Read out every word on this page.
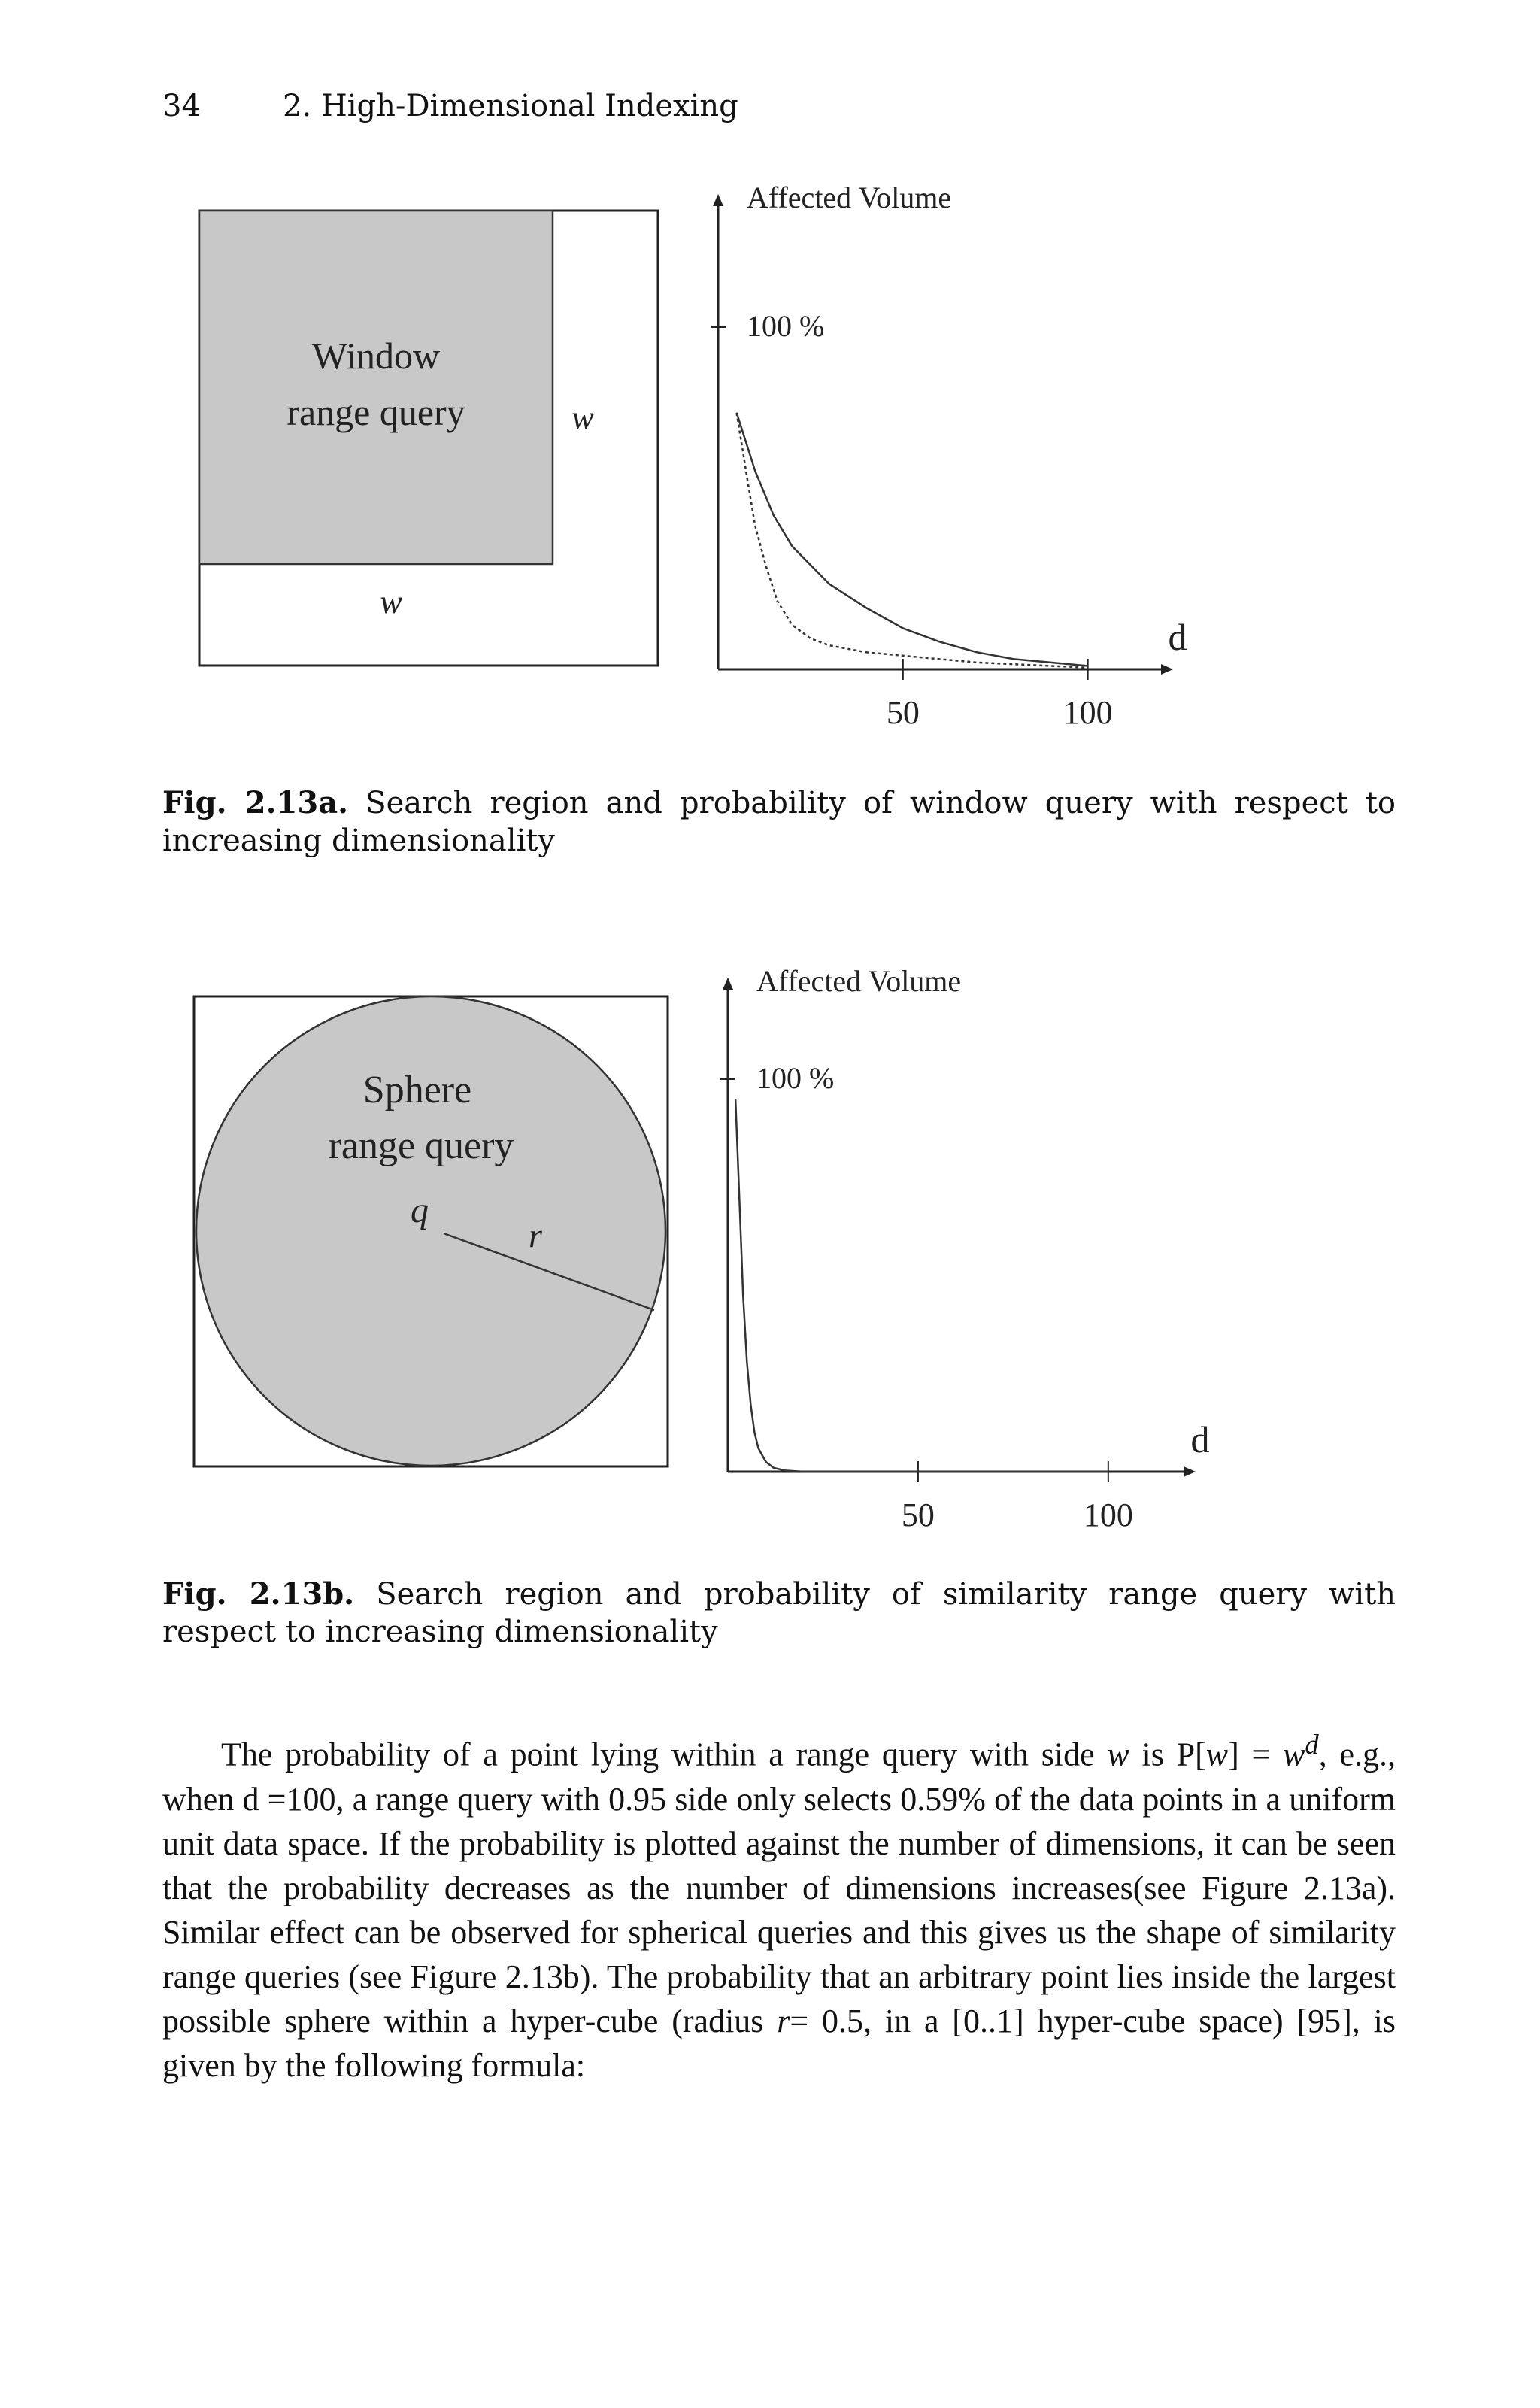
34	2. High-Dimensional Indexing
Window
range query	w
w
Affected Volume
100 %
50	100
d
Fig. 2.13a. Search region and probability of window query with respect to increasing dimensionality
Sphere
range query
q
r
Affected Volume
100 %
50	100
d
Fig. 2.13b. Search region and probability of similarity range query with respect to increasing dimensionality
The probability of a point lying within a range query with side w is $P[w] = w^d$, e.g., when d =100, a range query with 0.95 side only selects 0.59% of the data points in a uniform unit data space. If the probability is plotted against the number of dimensions, it can be seen that the probability decreases as the number of dimensions increases(see Figure 2.13a). Similar effect can be observed for spherical queries and this gives us the shape of similarity range queries (see Figure 2.13b). The probability that an arbitrary point lies inside the largest possible sphere within a hyper-cube (radius r= 0.5, in a [0..1] hyper-cube space) [95], is given by the following formula:
